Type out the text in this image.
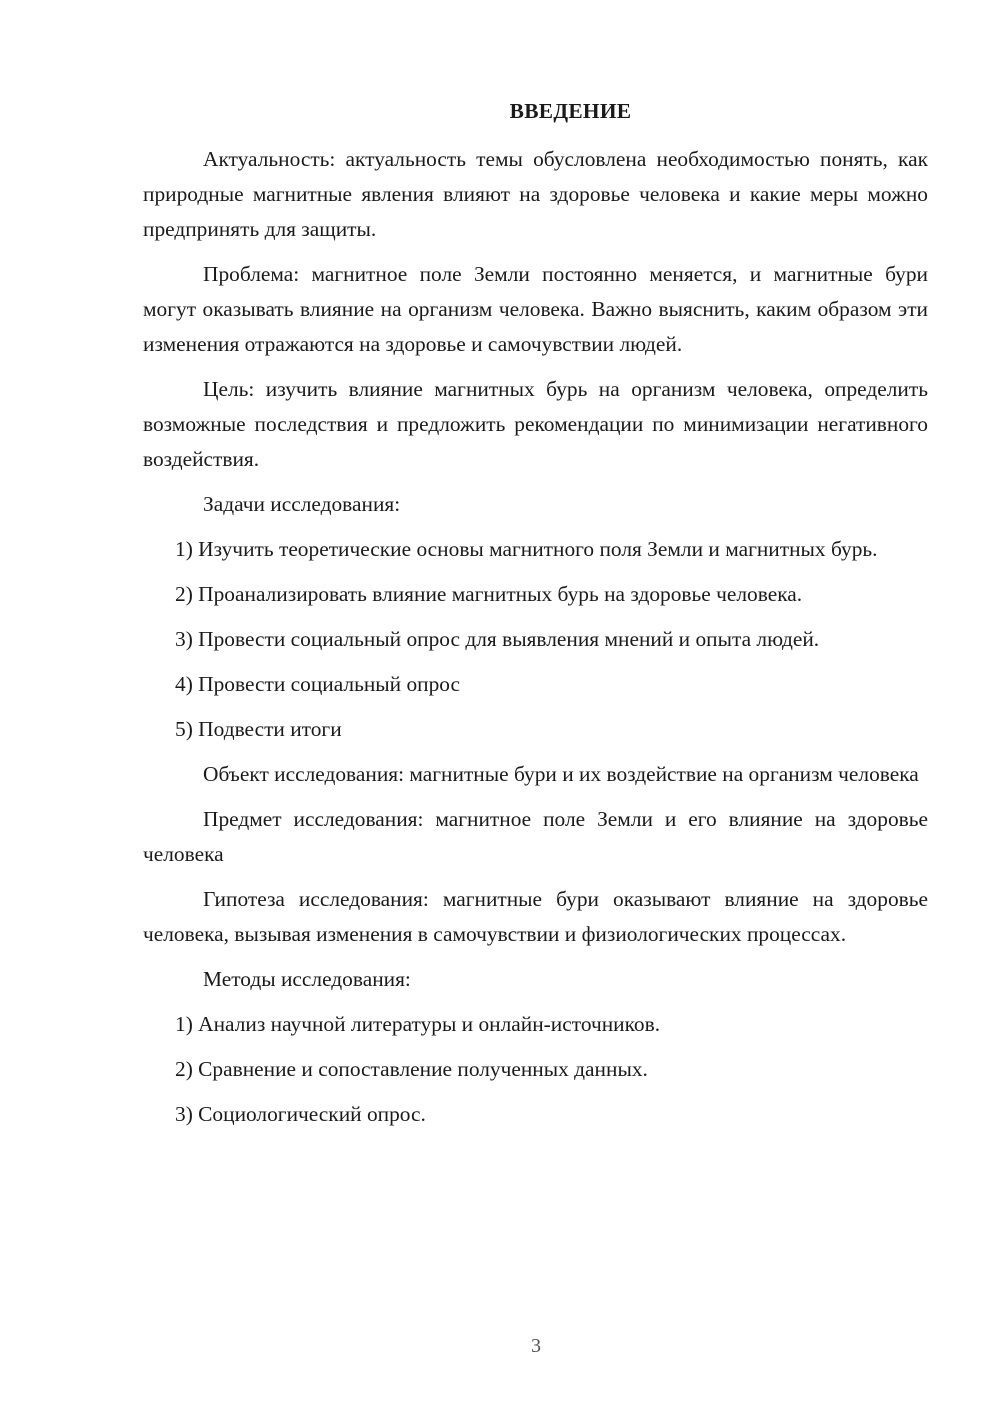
ВВЕДЕНИЕ

Актуальность: актуальность темы обусловлена необходимостью понять, как природные магнитные явления влияют на здоровье человека и какие меры можно предпринять для защиты.

Проблема: магнитное поле Земли постоянно меняется, и магнитные бури могут оказывать влияние на организм человека. Важно выяснить, каким образом эти изменения отражаются на здоровье и самочувствии людей.

Цель: изучить влияние магнитных бурь на организм человека, определить возможные последствия и предложить рекомендации по минимизации негативного воздействия.

Задачи исследования:

1) Изучить теоретические основы магнитного поля Земли и магнитных бурь.

2) Проанализировать влияние магнитных бурь на здоровье человека.

3) Провести социальный опрос для выявления мнений и опыта людей.

4) Провести социальный опрос

5) Подвести итоги

Объект исследования: магнитные бури и их воздействие на организм человека

Предмет исследования: магнитное поле Земли и его влияние на здоровье человека

Гипотеза исследования: магнитные бури оказывают влияние на здоровье человека, вызывая изменения в самочувствии и физиологических процессах.

Методы исследования:

1) Анализ научной литературы и онлайн-источников.

2) Сравнение и сопоставление полученных данных.

3) Социологический опрос.

3
